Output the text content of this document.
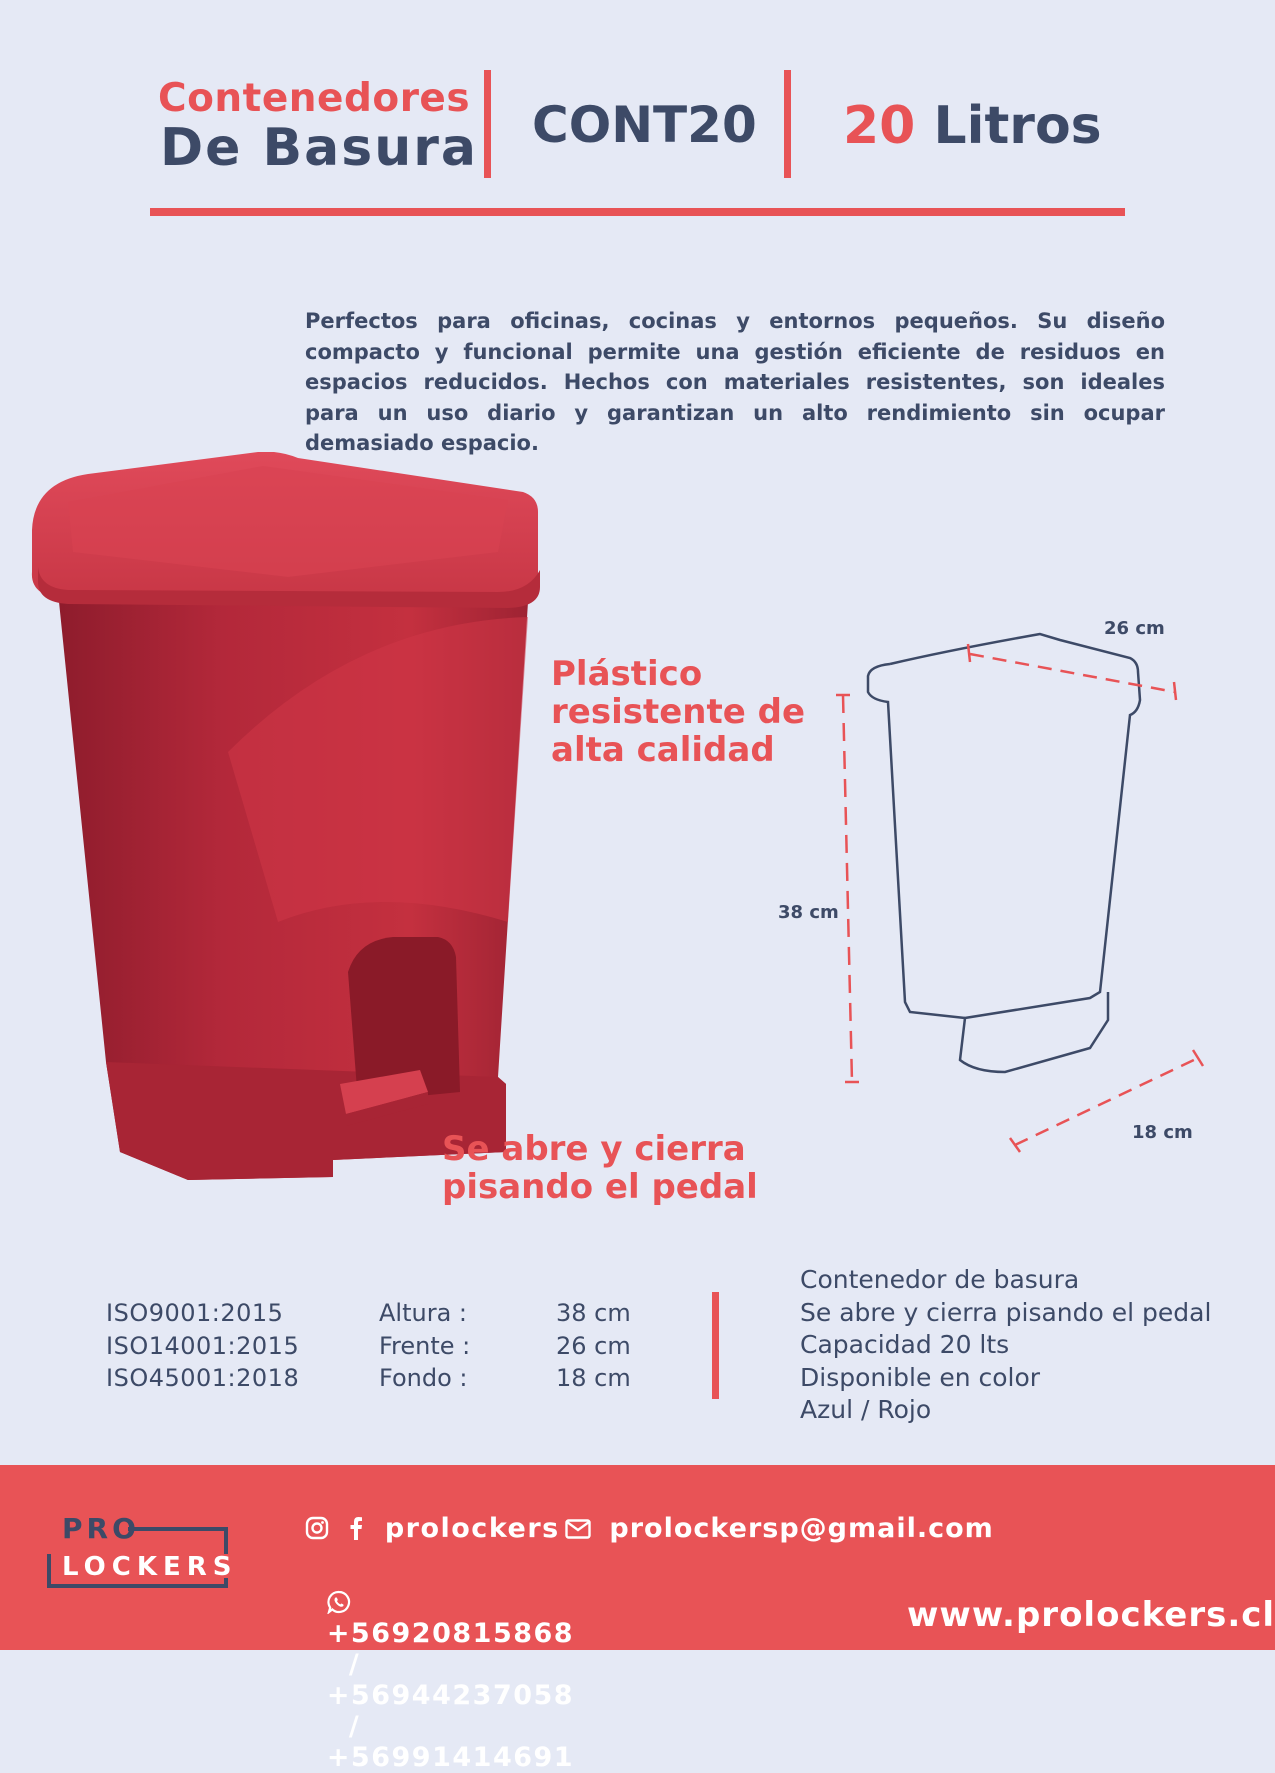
Contenedores
De Basura CONT20 20 Litros
Perfectos para oficinas, cocinas y entornos pequeños. Su diseño compacto y funcional permite una gestión eficiente de residuos en espacios reducidos. Hechos con materiales resistentes, son ideales para un uso diario y garantizan un alto rendimiento sin ocupar demasiado espacio.
Plástico
resistente de
alta calidad
Se abre y cierra
pisando el pedal
26 cm
38 cm
18 cm
ISO9001:2015
ISO14001:2015
ISO45001:2018
Altura :
Frente :
Fondo :
38 cm
26 cm
18 cm
Contenedor de basura
Se abre y cierra pisando el pedal
Capacidad 20 lts
Disponible en color
Azul / Rojo
PRO
LOCKERS
prolockers	prolockersp@gmail.com

+56920815868
/
+56944237058
/
+56991414691

www.prolockers.cl
